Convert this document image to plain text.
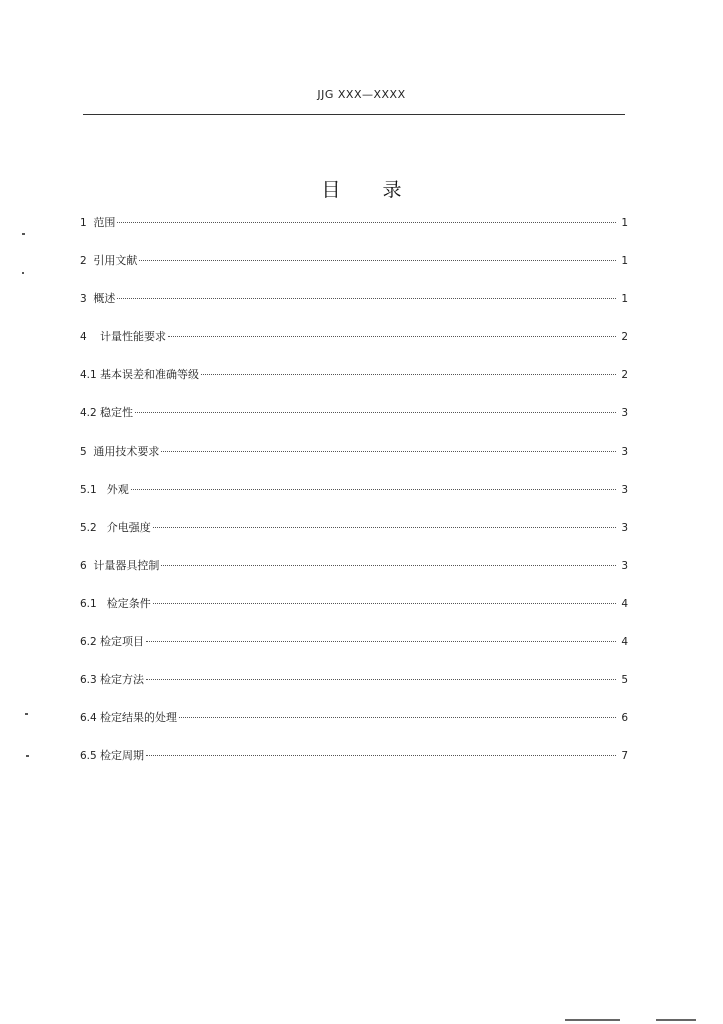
JJG XXX—XXXX
目 录
1 范围	1
2 引用文献	1
3 概述	1
4 计量性能要求	2
4.1 基本误差和准确等级	2
4.2 稳定性	3
5 通用技术要求	3
5.1 外观	3
5.2 介电强度	3
6 计量器具控制	3
6.1 检定条件	4
6.2 检定项目	4
6.3 检定方法	5
6.4 检定结果的处理	6
6.5 检定周期	7
